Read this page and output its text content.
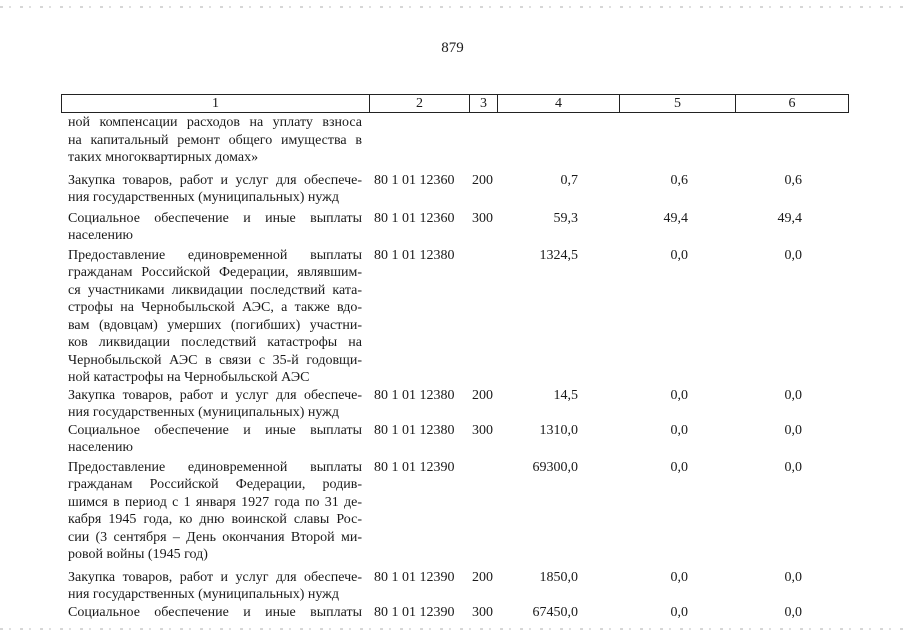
879
1	2	3	4	5	6
ной компенсации расходов на уплату взноса
на капитальный ремонт общего имущества в
таких многоквартирных домах»
Закупка товаров, работ и услуг для обеспече-
ния государственных (муниципальных) нужд
80 1 01 12360 200	0,7	0,6	0,6
Социальное обеспечение и иные выплаты
населению
80 1 01 12360 300	59,3	49,4	49,4
Предоставление единовременной выплаты
гражданам Российской Федерации, являвшим-
ся участниками ликвидации последствий ката-
строфы на Чернобыльской АЭС, а также вдо-
вам (вдовцам) умерших (погибших) участни-
ков ликвидации последствий катастрофы на
Чернобыльской АЭС в связи с 35-й годовщи-
ной катастрофы на Чернобыльской АЭС
80 1 01 12380	1324,5	0,0	0,0
Закупка товаров, работ и услуг для обеспече-
ния государственных (муниципальных) нужд
80 1 01 12380 200	14,5	0,0	0,0
Социальное обеспечение и иные выплаты
населению
80 1 01 12380 300	1310,0	0,0	0,0
Предоставление единовременной выплаты
гражданам Российской Федерации, родив-
шимся в период с 1 января 1927 года по 31 де-
кабря 1945 года, ко дню воинской славы Рос-
сии (3 сентября – День окончания Второй ми-
ровой войны (1945 год)
80 1 01 12390	69300,0	0,0	0,0
Закупка товаров, работ и услуг для обеспече-
ния государственных (муниципальных) нужд
80 1 01 12390 200	1850,0	0,0	0,0
Социальное обеспечение и иные выплаты 80 1 01 12390 300	67450,0	0,0	0,0
